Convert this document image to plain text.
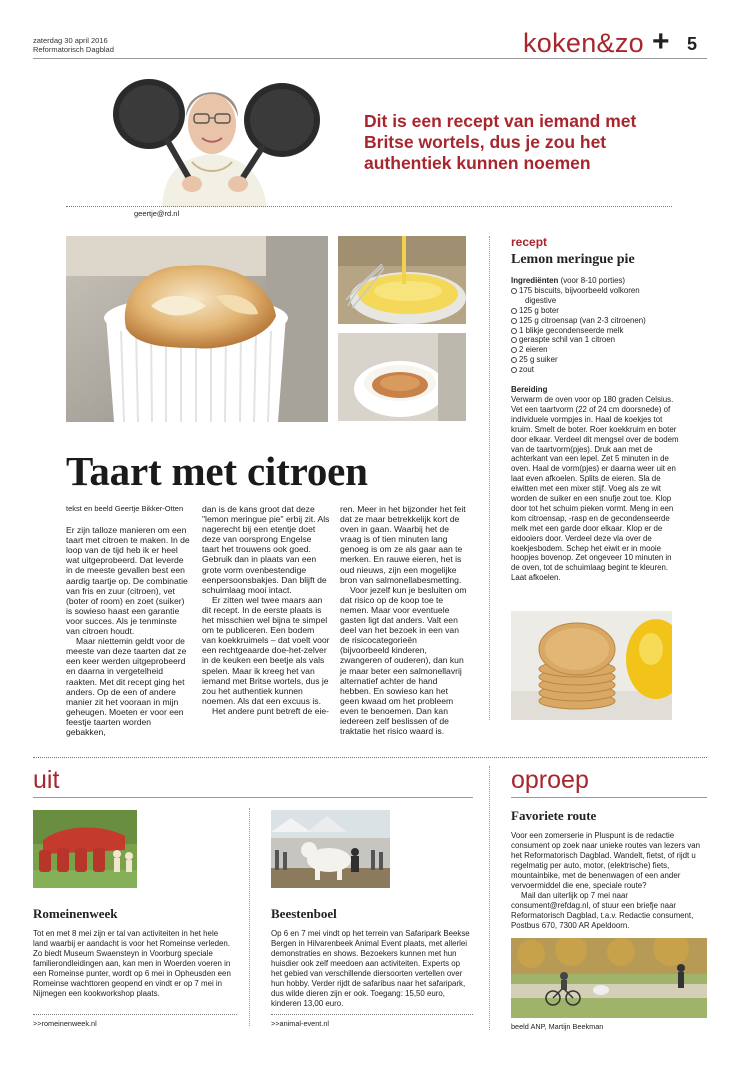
zaterdag 30 april 2016
Reformatorisch Dagblad	koken&zo + 5
geertje@rd.nl
Dit is een recept van iemand met Britse wortels, dus je zou het authentiek kunnen noemen
Taart met citroen
tekst en beeld Geertje Bikker-Otten

Er zijn talloze manieren om een taart met citroen te maken. In de loop van de tijd heb ik er heel wat uitgeprobeerd. Dat leverde in de meeste gevallen best een aardig taartje op. De combinatie van fris en zuur (citroen), vet (boter of room) en zoet (suiker) is sowieso haast een garantie voor succes. Als je tenminste van citroen houdt.

Maar niettemin geldt voor de meeste van deze taarten dat ze een keer werden uitgeprobeerd en daarna in vergetelheid raakten. Met dit recept ging het anders. Op de een of andere manier zit het vooraan in mijn geheugen. Moeten er voor een feestje taarten worden gebakken,

dan is de kans groot dat deze "lemon meringue pie" erbij zit. Als nagerecht bij een etentje doet deze van oorsprong Engelse taart het trouwens ook goed. Gebruik dan in plaats van een grote vorm ovenbestendige eenpersoonsbakjes. Dan blijft de schuimlaag mooi intact.

Er zitten wel twee maars aan dit recept. In de eerste plaats is het misschien wel bijna te simpel om te publiceren. Een bodem van koekkruimels – dat voelt voor een rechtgeaarde doe-het-zelver in de keuken een beetje als vals spelen. Maar ik kreeg het van iemand met Britse wortels, dus je zou het authentiek kunnen noemen. Als dat een excuus is.

Het andere punt betreft de eie-

ren. Meer in het bijzonder het feit dat ze maar betrekkelijk kort de oven in gaan. Waarbij het de vraag is of tien minuten lang genoeg is om ze als gaar aan te merken. En rauwe eieren, het is oud nieuws, zijn een mogelijke bron van salmonellabesmetting.

Voor jezelf kun je besluiten om dat risico op de koop toe te nemen. Maar voor eventuele gasten ligt dat anders. Valt een deel van het bezoek in een van de risicocategorieën (bijvoorbeeld kinderen, zwangeren of ouderen), dan kun je maar beter een salmonellavrij alternatief achter de hand hebben. En sowieso kan het geen kwaad om het probleem even te benoemen. Dan kan iedereen zelf beslissen of de traktatie het risico waard is.

recept
Lemon meringue pie
Ingrediënten (voor 8-10 porties)
175 biscuits, bijvoorbeeld volkoren
digestive
125 g boter
125 g citroensap (van 2-3 citroenen)
1 blikje gecondenseerde melk
geraspte schil van 1 citroen
2 eieren
25 g suiker
zout
Bereiding
Verwarm de oven voor op 180 graden Celsius. Vet een taartvorm (22 of 24 cm doorsnede) of individuele vormpjes in. Haal de koekjes tot kruim. Smelt de boter. Roer koekkruim en boter door elkaar. Verdeel dit mengsel over de bodem van de taartvorm(pjes). Druk aan met de achterkant van een lepel. Zet 5 minuten in de oven. Haal de vorm(pjes) er daarna weer uit en laat even afkoelen. Splits de eieren. Sla de eiwitten met een mixer stijf. Voeg als ze wit worden de suiker en een snufje zout toe. Klop door tot het schuim pieken vormt. Meng in een kom citroensap, -rasp en de gecondenseerde melk met een garde door elkaar. Klop er de eidooiers door. Verdeel deze vla over de koekjesbodem. Schep het eiwit er in mooie hoopjes bovenop. Zet ongeveer 10 minuten in de oven, tot de schuimlaag begint te kleuren. Laat afkoelen.
uit
Romeinenweek
Tot en met 8 mei zijn er tal van activiteiten in het hele land waarbij er aandacht is voor het Romeinse verleden. Zo biedt Museum Swaensteyn in Voorburg speciale familierondleidingen aan, kan men in Woerden voeren in een Romeinse punter, wordt op 6 mei in Opheusden een Romeinse wachttoren geopend en vindt er op 7 mei in Nijmegen een kookworkshop plaats.
>>romeinenweek.nl
Beestenboel
Op 6 en 7 mei vindt op het terrein van Safaripark Beekse Bergen in Hilvarenbeek Animal Event plaats, met allerlei demonstraties en shows. Bezoekers kunnen met hun huisdier ook zelf meedoen aan activiteiten. Experts op het gebied van verschillende diersoorten vertellen over hun hobby. Verder rijdt de safaribus naar het safaripark, dus wilde dieren zijn er ook. Toegang: 15,50 euro, kinderen 13,00 euro.
>>animal-event.nl
oproep
Favoriete route
Voor een zomerserie in Pluspunt is de redactie consument op zoek naar unieke routes van lezers van het Reformatorisch Dagblad. Wandelt, fietst, of rijdt u regelmatig per auto, motor, (elektrische) fiets, mountainbike, met de benenwagen of een ander vervoermiddel die ene, speciale route?
Mail dan uiterlijk op 7 mei naar consument@refdag.nl, of stuur een briefje naar Reformatorisch Dagblad, t.a.v. Redactie consument, Postbus 670, 7300 AR Apeldoorn.
beeld ANP, Martijn Beekman
